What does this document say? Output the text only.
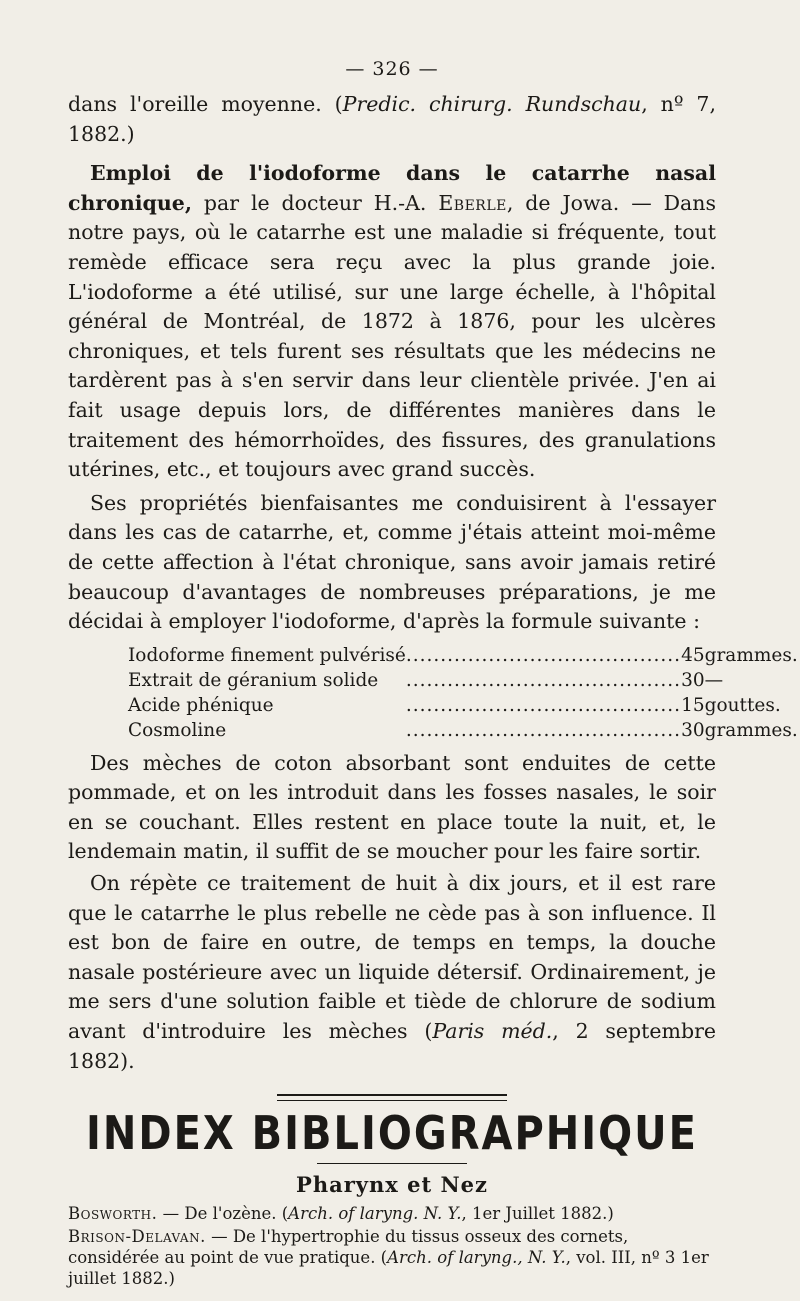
— 326 —

dans l'oreille moyenne. (Predic. chirurg. Rundschau, nº 7, 1882.)

Emploi de l'iodoforme dans le catarrhe nasal chronique, par le docteur H.-A. Eberle, de Jowa. — Dans notre pays, où le catarrhe est une maladie si fréquente, tout remède efficace sera reçu avec la plus grande joie. L'iodoforme a été utilisé, sur une large échelle, à l'hôpital général de Montréal, de 1872 à 1876, pour les ulcères chroniques, et tels furent ses résultats que les médecins ne tardèrent pas à s'en servir dans leur clientèle privée. J'en ai fait usage depuis lors, de différentes manières dans le traitement des hémorrhoïdes, des fissures, des granulations utérines, etc., et toujours avec grand succès.

Ses propriétés bienfaisantes me conduisirent à l'essayer dans les cas de catarrhe, et, comme j'étais atteint moi-même de cette affection à l'état chronique, sans avoir jamais retiré beaucoup d'avantages de nombreuses préparations, je me décidai à employer l'iodoforme, d'après la formule suivante :

Iodoforme finement pulvérisé	.....	45	grammes.
Extrait de géranium solide	.....	30	—
Acide phénique	.....	15	gouttes.
Cosmoline	.....	30	grammes.

Des mèches de coton absorbant sont enduites de cette pommade, et on les introduit dans les fosses nasales, le soir en se couchant. Elles restent en place toute la nuit, et, le lendemain matin, il suffit de se moucher pour les faire sortir.

On répète ce traitement de huit à dix jours, et il est rare que le catarrhe le plus rebelle ne cède pas à son influence. Il est bon de faire en outre, de temps en temps, la douche nasale postérieure avec un liquide détersif. Ordinairement, je me sers d'une solution faible et tiède de chlorure de sodium avant d'introduire les mèches (Paris méd., 2 septembre 1882).

INDEX BIBLIOGRAPHIQUE
Pharynx et Nez
Bosworth. — De l'ozène. (Arch. of laryng. N. Y., 1er Juillet 1882.)
Brison-Delavan. — De l'hypertrophie du tissus osseux des cornets, considérée au point de vue pratique. (Arch. of laryng., N. Y., vol. III, nº 3 1er juillet 1882.)
